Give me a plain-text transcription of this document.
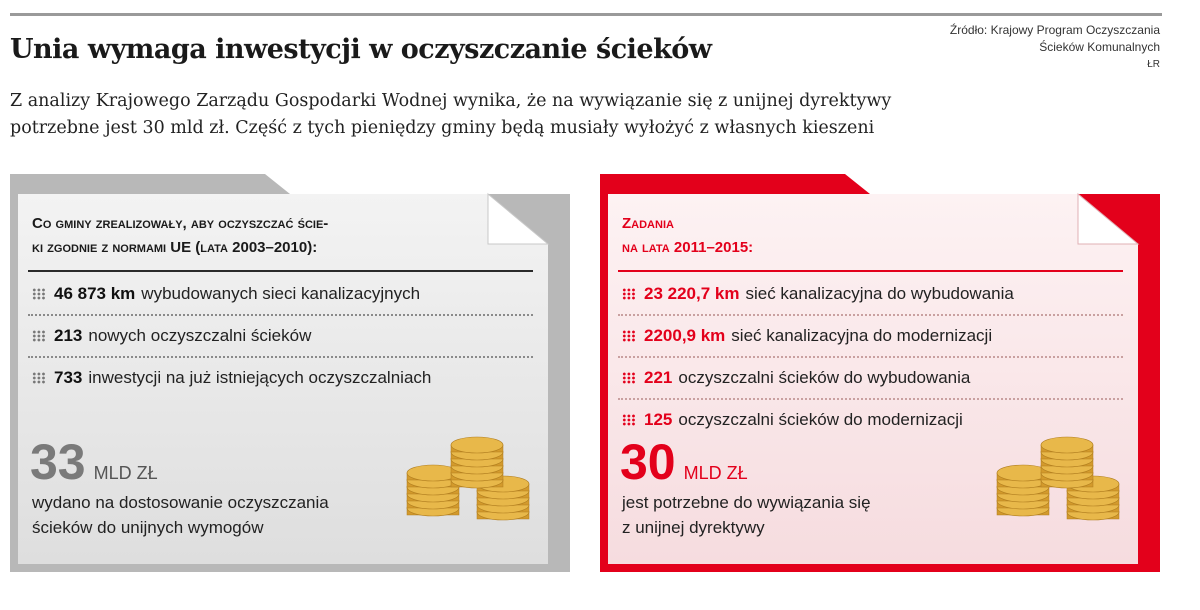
Unia wymaga inwestycji w oczyszczanie ścieków
Źródło: Krajowy Program Oczyszczania
Ścieków Komunalnych
ŁR

Z analizy Krajowego Zarządu Gospodarki Wodnej wynika, że na wywiązanie się z unijnej dyrektywy
potrzebne jest 30 mld zł. Część z tych pieniędzy gminy będą musiały wyłożyć z własnych kieszeni

Co gminy zrealizowały, aby oczyszczać ście-
ki zgodnie z normami UE (lata 2003–2010):
46 873 km wybudowanych sieci kanalizacyjnych
213 nowych oczyszczalni ścieków
733 inwestycji na już istniejących oczyszczalniach
33 MLD ZŁ

wydano na dostosowanie oczyszczania
ścieków do unijnych wymogów

Zadania
na lata 2011–2015:
23 220,7 km sieć kanalizacyjna do wybudowania
2200,9 km sieć kanalizacyjna do modernizacji
221 oczyszczalni ścieków do wybudowania
125 oczyszczalni ścieków do modernizacji
30 MLD ZŁ

jest potrzebne do wywiązania się
z unijnej dyrektywy
